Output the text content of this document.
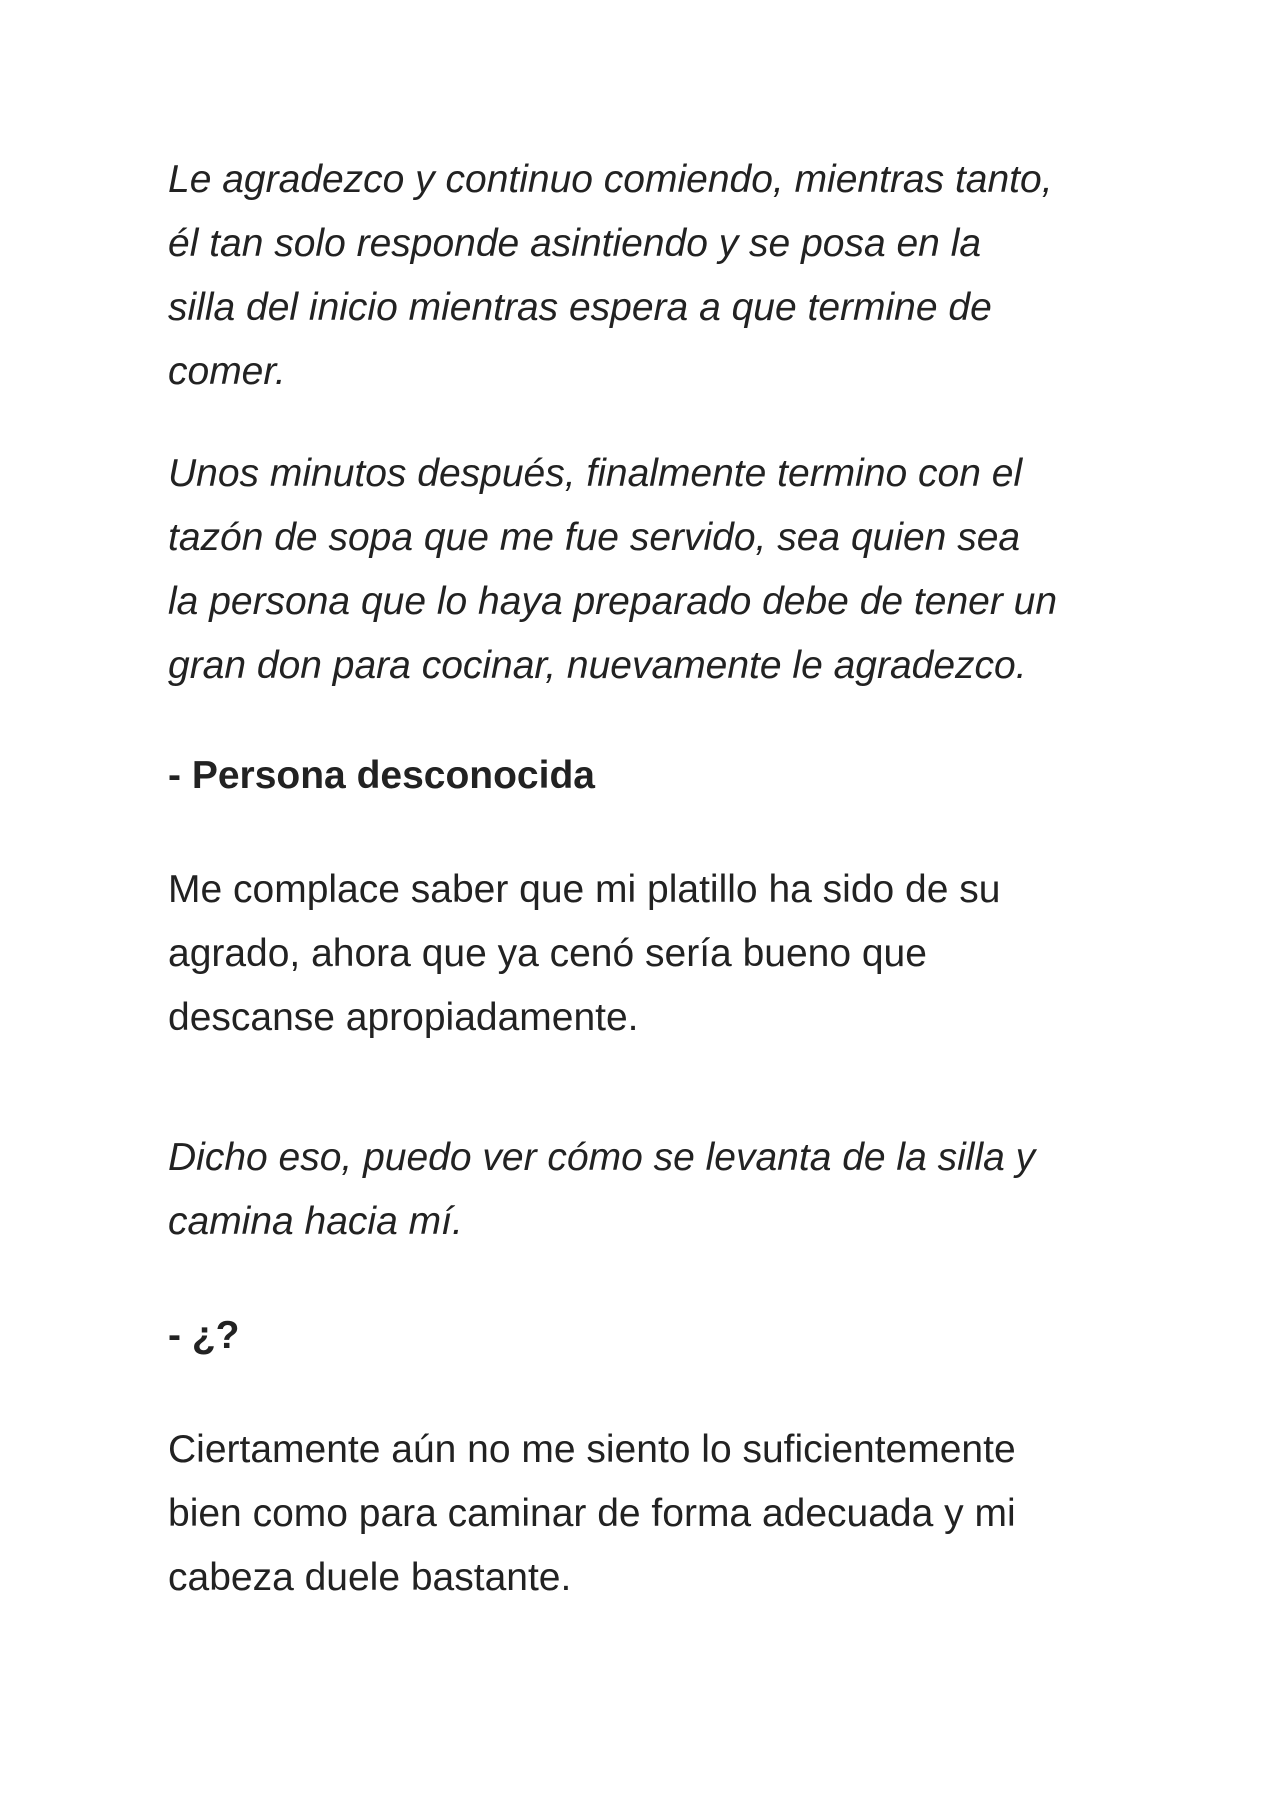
Le agradezco y continuo comiendo, mientras tanto,
él tan solo responde asintiendo y se posa en la
silla del inicio mientras espera a que termine de
comer.

Unos minutos después, finalmente termino con el
tazón de sopa que me fue servido, sea quien sea
la persona que lo haya preparado debe de tener un
gran don para cocinar, nuevamente le agradezco.

- Persona desconocida

Me complace saber que mi platillo ha sido de su
agrado, ahora que ya cenó sería bueno que
descanse apropiadamente.

Dicho eso, puedo ver cómo se levanta de la silla y
camina hacia mí.

- ¿?

Ciertamente aún no me siento lo suficientemente
bien como para caminar de forma adecuada y mi
cabeza duele bastante.
